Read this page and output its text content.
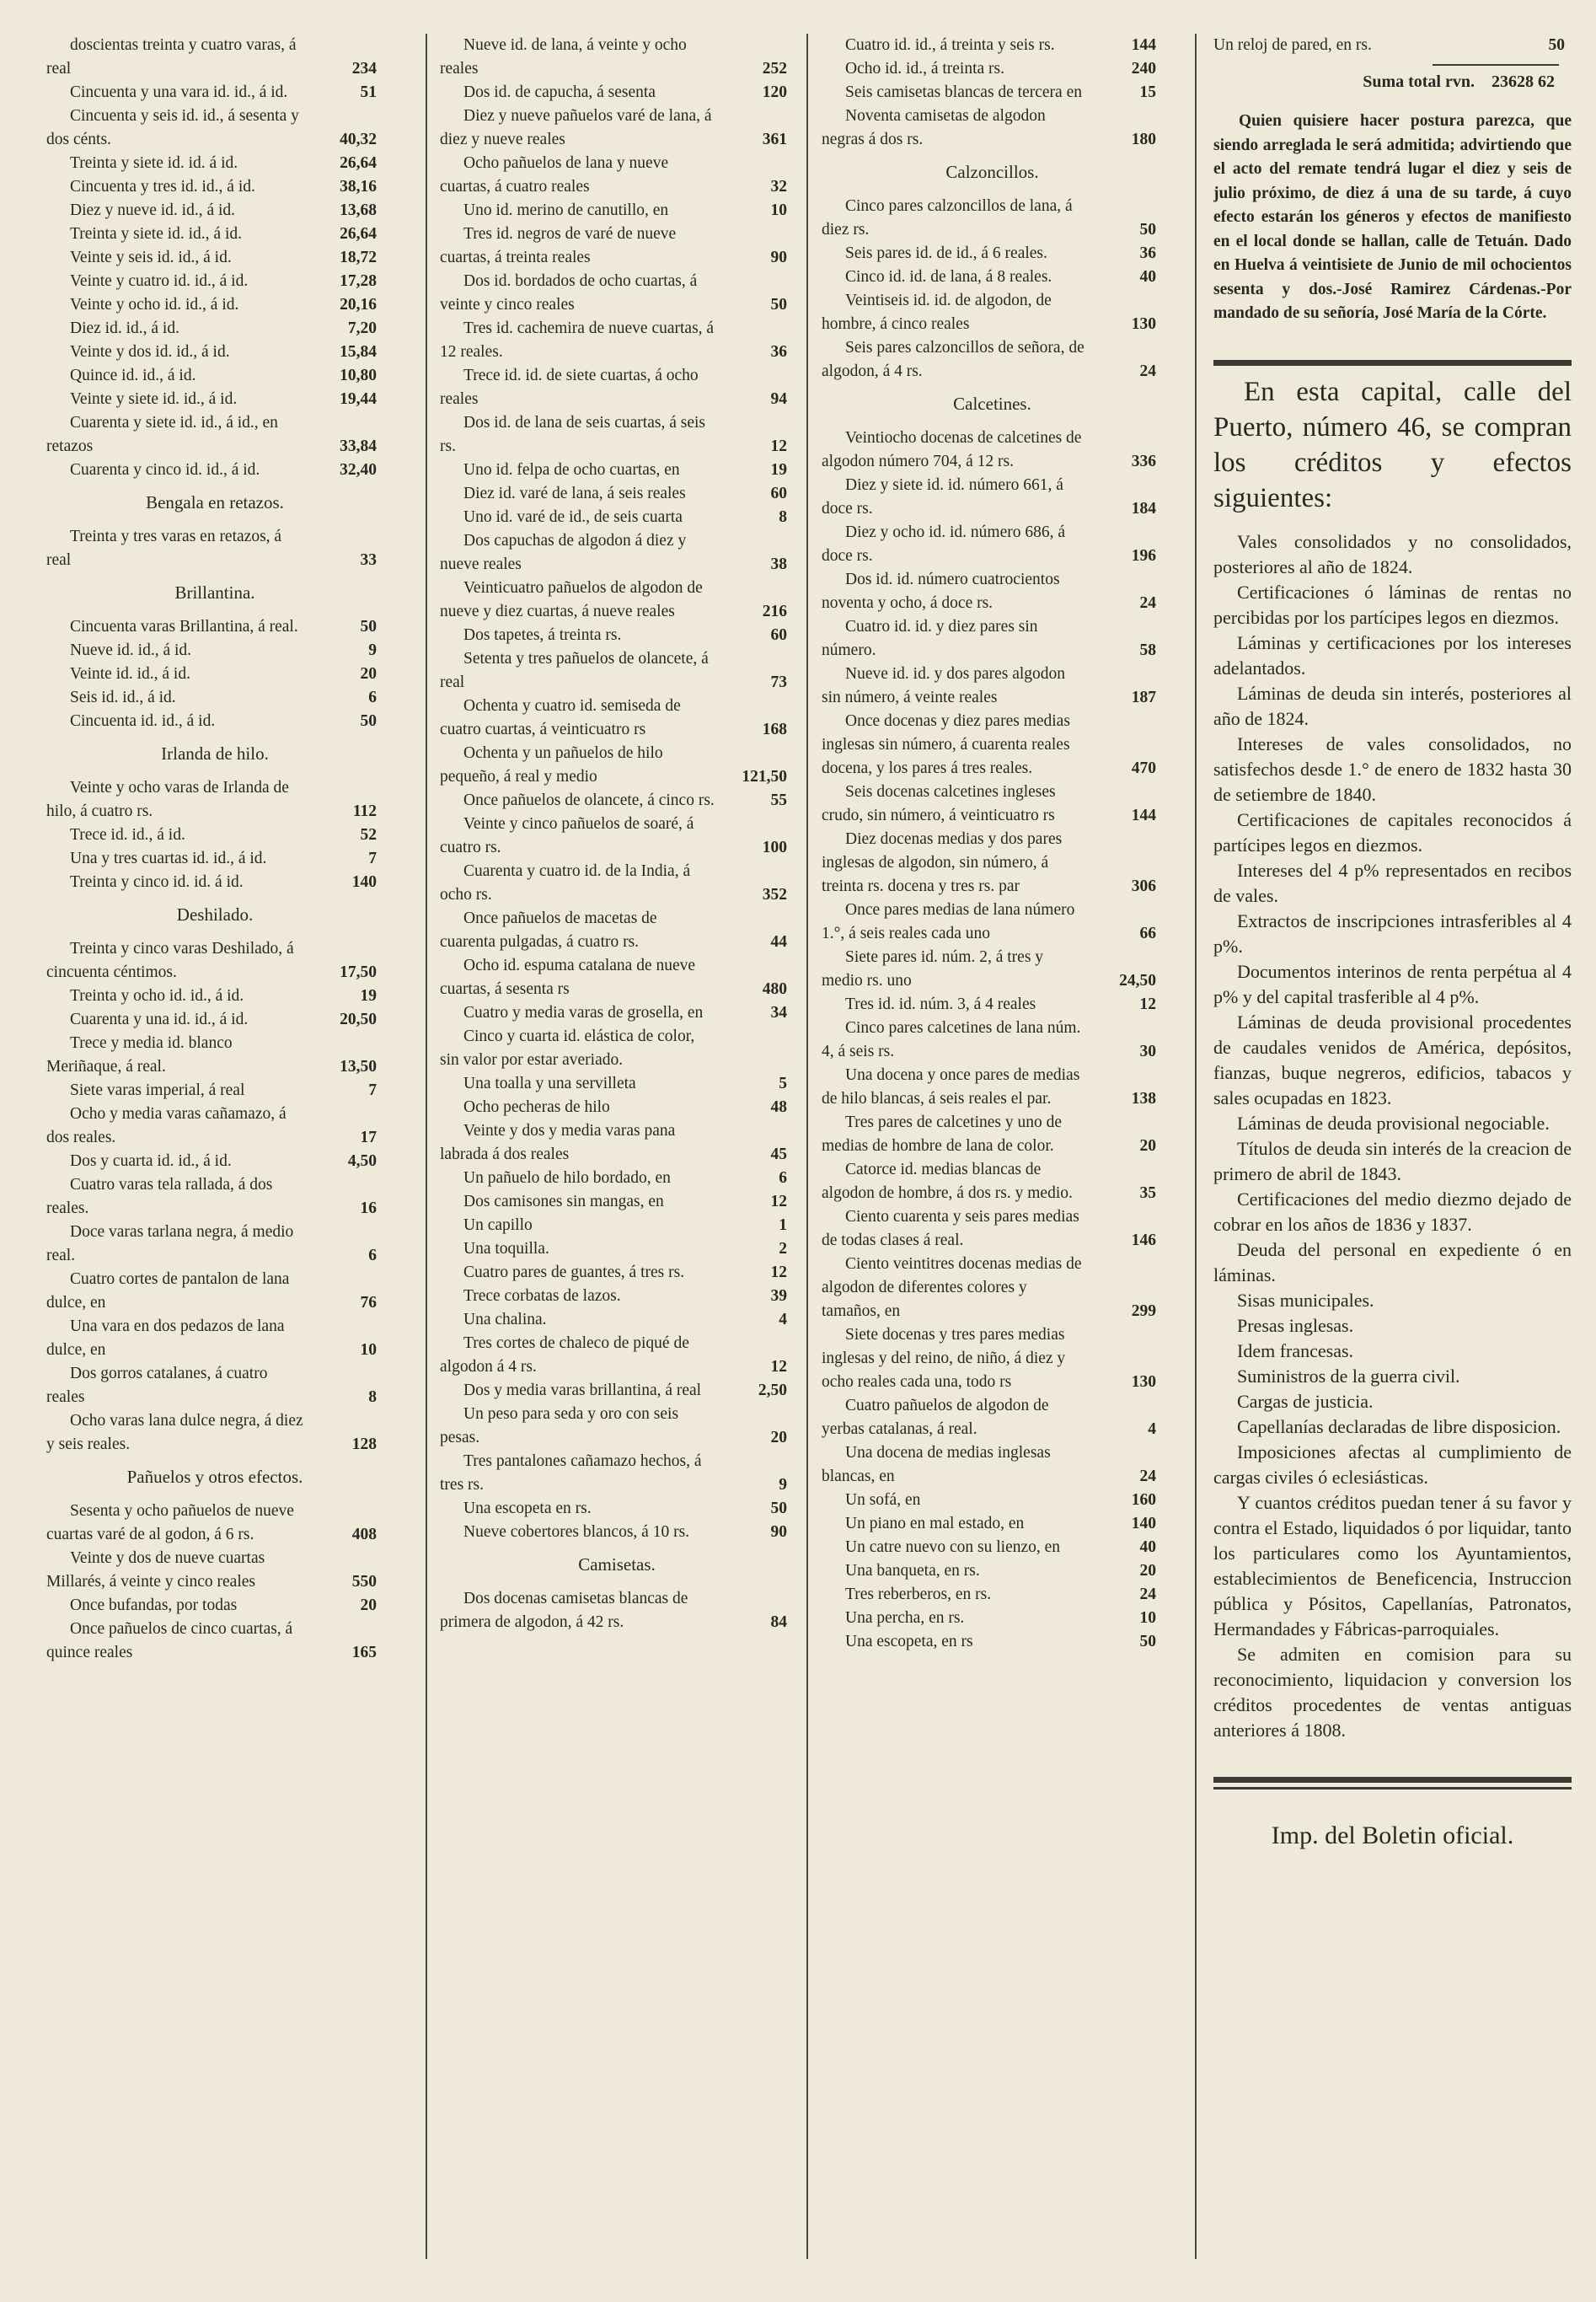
doscientas treinta y cuatro varas, á real	234
Cincuenta y una vara id. id., á id.	51
Cincuenta y seis id. id., á sesenta y dos cénts.	40,32
Treinta y siete id. id. á id.	26,64
Cincuenta y tres id. id., á id.	38,16
Diez y nueve id. id., á id.	13,68
Treinta y siete id. id., á id.	26,64
Veinte y seis id. id., á id.	18,72
Veinte y cuatro id. id., á id.	17,28
Veinte y ocho id. id., á id.	20,16
Diez id. id., á id.	7,20
Veinte y dos id. id., á id.	15,84
Quince id. id., á id.	10,80
Veinte y siete id. id., á id.	19,44
Cuarenta y siete id. id., á id., en retazos	33,84
Cuarenta y cinco id. id., á id.	32,40
Bengala en retazos.
Treinta y tres varas en retazos, á real	33
Brillantina.
Cincuenta varas Brillantina, á real.	50
Nueve id. id., á id.	9
Veinte id. id., á id.	20
Seis id. id., á id.	6
Cincuenta id. id., á id.	50
Irlanda de hilo.
Veinte y ocho varas de Irlanda de hilo, á cuatro rs.	112
Trece id. id., á id.	52
Una y tres cuartas id. id., á id.	7
Treinta y cinco id. id. á id.	140
Deshilado.
Treinta y cinco varas Deshilado, á cincuenta céntimos.	17,50
Treinta y ocho id. id., á id.	19
Cuarenta y una id. id., á id.	20,50
Trece y media id. blanco Meriñaque, á real.	13,50
Siete varas imperial, á real	7
Ocho y media varas cañamazo, á dos reales.	17
Dos y cuarta id. id., á id.	4,50
Cuatro varas tela rallada, á dos reales.	16
Doce varas tarlana negra, á medio real.	6
Cuatro cortes de pantalon de lana dulce, en	76
Una vara en dos pedazos de lana dulce, en	10
Dos gorros catalanes, á cuatro reales	8
Ocho varas lana dulce negra, á diez y seis reales.	128
Pañuelos y otros efectos.
Sesenta y ocho pañuelos de nueve cuartas varé de al godon, á 6 rs.	408
Veinte y dos de nueve cuartas Millarés, á veinte y cinco reales	550
Once bufandas, por todas	20
Once pañuelos de cinco cuartas, á quince reales	165
Nueve id. de lana, á veinte y ocho reales	252
Dos id. de capucha, á sesenta	120
Diez y nueve pañuelos varé de lana, á diez y nueve reales	361
Ocho pañuelos de lana y nueve cuartas, á cuatro reales	32
Uno id. merino de canutillo, en	10
Tres id. negros de varé de nueve cuartas, á treinta reales	90
Dos id. bordados de ocho cuartas, á veinte y cinco reales	50
Tres id. cachemira de nueve cuartas, á 12 reales.	36
Trece id. id. de siete cuartas, á ocho reales	94
Dos id. de lana de seis cuartas, á seis rs.	12
Uno id. felpa de ocho cuartas, en	19
Diez id. varé de lana, á seis reales	60
Uno id. varé de id., de seis cuarta	8
Dos capuchas de algodon á diez y nueve reales	38
Veinticuatro pañuelos de algodon de nueve y diez cuartas, á nueve reales	216
Dos tapetes, á treinta rs.	60
Setenta y tres pañuelos de olancete, á real	73
Ochenta y cuatro id. semiseda de cuatro cuartas, á veinticuatro rs	168
Ochenta y un pañuelos de hilo pequeño, á real y medio	121,50
Once pañuelos de olancete, á cinco rs.	55
Veinte y cinco pañuelos de soaré, á cuatro rs.	100
Cuarenta y cuatro id. de la India, á ocho rs.	352
Once pañuelos de macetas de cuarenta pulgadas, á cuatro rs.	44
Ocho id. espuma catalana de nueve cuartas, á sesenta rs	480
Cuatro y media varas de grosella, en	34
Cinco y cuarta id. elástica de color, sin valor por estar averiado.
Una toalla y una servilleta	5
Ocho pecheras de hilo	48
Veinte y dos y media varas pana labrada á dos reales	45
Un pañuelo de hilo bordado, en	6
Dos camisones sin mangas, en	12
Un capillo	1
Una toquilla.	2
Cuatro pares de guantes, á tres rs.	12
Trece corbatas de lazos.	39
Una chalina.	4
Tres cortes de chaleco de piqué de algodon á 4 rs.	12
Dos y media varas brillantina, á real	2,50
Un peso para seda y oro con seis pesas.	20
Tres pantalones cañamazo hechos, á tres rs.	9
Una escopeta en rs.	50
Nueve cobertores blancos, á 10 rs.	90
Camisetas.
Dos docenas camisetas blancas de primera de algodon, á 42 rs.	84
Cuatro id. id., á treinta y seis rs.	144
Ocho id. id., á treinta rs.	240
Seis camisetas blancas de tercera en	15
Noventa camisetas de algodon negras á dos rs.	180
Calzoncillos.
Cinco pares calzoncillos de lana, á diez rs.	50
Seis pares id. de id., á 6 reales.	36
Cinco id. id. de lana, á 8 reales.	40
Veintiseis id. id. de algodon, de hombre, á cinco reales	130
Seis pares calzoncillos de señora, de algodon, á 4 rs.	24
Calcetines.
Veintiocho docenas de calcetines de algodon número 704, á 12 rs.	336
Diez y siete id. id. número 661, á doce rs.	184
Diez y ocho id. id. número 686, á doce rs.	196
Dos id. id. número cuatrocientos noventa y ocho, á doce rs.	24
Cuatro id. id. y diez pares sin número.	58
Nueve id. id. y dos pares algodon sin número, á veinte reales	187
Once docenas y diez pares medias inglesas sin número, á cuarenta reales docena, y los pares á tres reales.	470
Seis docenas calcetines ingleses crudo, sin número, á veinticuatro rs	144
Diez docenas medias y dos pares inglesas de algodon, sin número, á treinta rs. docena y tres rs. par	306
Once pares medias de lana número 1.°, á seis reales cada uno	66
Siete pares id. núm. 2, á tres y medio rs. uno	24,50
Tres id. id. núm. 3, á 4 reales	12
Cinco pares calcetines de lana núm. 4, á seis rs.	30
Una docena y once pares de medias de hilo blancas, á seis reales el par.	138
Tres pares de calcetines y uno de medias de hombre de lana de color.	20
Catorce id. medias blancas de algodon de hombre, á dos rs. y medio.	35
Ciento cuarenta y seis pares medias de todas clases á real.	146
Ciento veintitres docenas medias de algodon de diferentes colores y tamaños, en	299
Siete docenas y tres pares medias inglesas y del reino, de niño, á diez y ocho reales cada una, todo rs	130
Cuatro pañuelos de algodon de yerbas catalanas, á real.	4
Una docena de medias inglesas blancas, en	24
Un sofá, en	160
Un piano en mal estado, en	140
Un catre nuevo con su lienzo, en	40
Una banqueta, en rs.	20
Tres reberberos, en rs.	24
Una percha, en rs.	10
Una escopeta, en rs	50
Un reloj de pared, en rs.	50
Suma total rvn. 23628 62

Quien quisiere hacer postura parezca, que siendo arreglada le será admitida; advirtiendo que el acto del remate tendrá lugar el diez y seis de julio próximo, de diez á una de su tarde, á cuyo efecto estarán los géneros y efectos de manifiesto en el local donde se hallan, calle de Tetuán. Dado en Huelva á veintisiete de Junio de mil ochocientos sesenta y dos.-José Ramirez Cárdenas.-Por mandado de su señoría, José María de la Córte.

En esta capital, calle del Puerto, número 46, se compran los créditos y efectos siguientes:

Vales consolidados y no consolidados, posteriores al año de 1824.

Certificaciones ó láminas de rentas no percibidas por los partícipes legos en diezmos.

Láminas y certificaciones por los intereses adelantados.

Láminas de deuda sin interés, posteriores al año de 1824.

Intereses de vales consolidados, no satisfechos desde 1.° de enero de 1832 hasta 30 de setiembre de 1840.

Certificaciones de capitales reconocidos á partícipes legos en diezmos.

Intereses del 4 p% representados en recibos de vales.

Extractos de inscripciones intrasferibles al 4 p%.

Documentos interinos de renta perpétua al 4 p% y del capital trasferible al 4 p%.

Láminas de deuda provisional procedentes de caudales venidos de América, depósitos, fianzas, buque negreros, edificios, tabacos y sales ocupadas en 1823.

Láminas de deuda provisional negociable.

Títulos de deuda sin interés de la creacion de primero de abril de 1843.

Certificaciones del medio diezmo dejado de cobrar en los años de 1836 y 1837.

Deuda del personal en expediente ó en láminas.

Sisas municipales.

Presas inglesas.

Idem francesas.

Suministros de la guerra civil.

Cargas de justicia.

Capellanías declaradas de libre disposicion.

Imposiciones afectas al cumplimiento de cargas civiles ó eclesiásticas.

Y cuantos créditos puedan tener á su favor y contra el Estado, liquidados ó por liquidar, tanto los particulares como los Ayuntamientos, establecimientos de Beneficencia, Instruccion pública y Pósitos, Capellanías, Patronatos, Hermandades y Fábricas-parroquiales.

Se admiten en comision para su reconocimiento, liquidacion y conversion los créditos procedentes de ventas antiguas anteriores á 1808.

Imp. del Boletin oficial.
